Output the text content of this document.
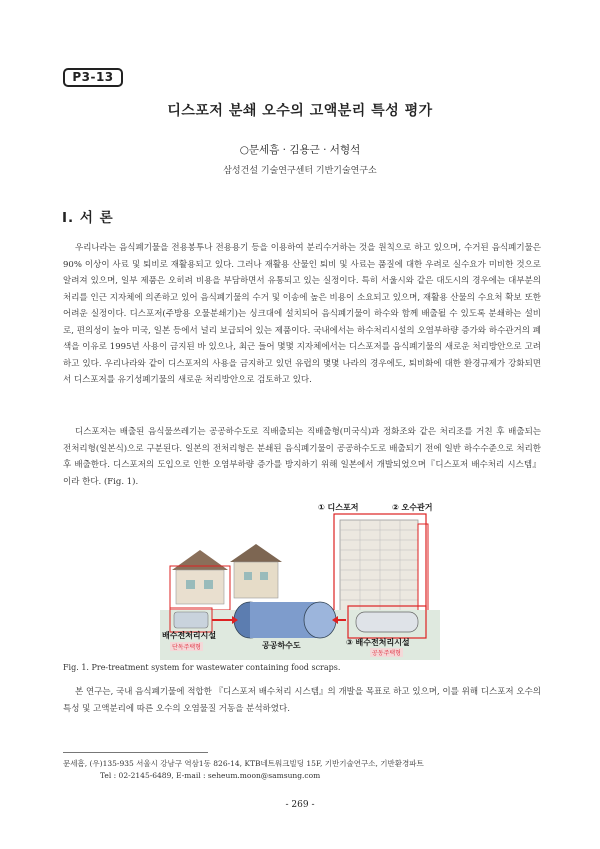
P3-13
디스포저 분쇄 오수의 고액분리 특성 평가
○문세흠 · 김용근 · 서형석
삼성건설 기술연구센터 기반기술연구소
I. 서 론

우리나라는 음식폐기물을 전용봉투나 전용용기 등을 이용하여 분리수거하는 것을 원칙으로 하고 있으며, 수거된 음식폐기물은 90% 이상이 사료 및 퇴비로 재활용되고 있다. 그러나 재활용 산물인 퇴비 및 사료는 품질에 대한 우려로 실수요가 미비한 것으로 알려져 있으며, 일부 제품은 오히려 비용을 부담하면서 유통되고 있는 실정이다. 특히 서울시와 같은 대도시의 경우에는 대부분의 처리를 인근 지자체에 의존하고 있어 음식폐기물의 수거 및 이송에 높은 비용이 소요되고 있으며, 재활용 산물의 수요처 확보 또한 어려운 실정이다. 디스포저(주방용 오물분쇄기)는 싱크대에 설치되어 음식폐기물이 하수와 함께 배출될 수 있도록 분쇄하는 설비로, 편의성이 높아 미국, 일본 등에서 널리 보급되어 있는 제품이다. 국내에서는 하수처리시설의 오염부하량 증가와 하수관거의 폐색을 이유로 1995년 사용이 금지된 바 있으나, 최근 들어 몇몇 지자체에서는 디스포저를 음식폐기물의 새로운 처리방안으로 고려하고 있다. 우리나라와 같이 디스포저의 사용을 금지하고 있던 유럽의 몇몇 나라의 경우에도, 퇴비화에 대한 환경규제가 강화되면서 디스포저를 유기성폐기물의 새로운 처리방안으로 검토하고 있다.

디스포저는 배출된 음식물쓰레기는 공공하수도로 직배출되는 직배출형(미국식)과 정화조와 같은 처리조를 거친 후 배출되는 전처리형(일본식)으로 구분된다. 일본의 전처리형은 분쇄된 음식폐기물이 공공하수도로 배출되기 전에 일반 하수수준으로 처리한 후 배출한다. 디스포저의 도입으로 인한 오염부하량 증가를 방지하기 위해 일본에서 개발되었으며『디스포저 배수처리 시스템』이라 한다. (Fig. 1).

① 디스포저	② 오수관거
배수전처리시설
단독주택형	공공하수도	③ 배수전처리시설
공동주택형
Fig. 1. Pre-treatment system for wastewater containing food scraps.

본 연구는, 국내 음식폐기물에 적합한 『디스포저 배수처리 시스템』의 개발을 목표로 하고 있으며, 이를 위해 디스포저 오수의 특성 및 고액분리에 따른 오수의 오염물질 거동을 분석하였다.

문세흠, (우)135-935 서울시 강남구 역삼1동 826-14, KTB네트워크빌딩 15F, 기반기술연구소, 기반환경파트
Tel : 02-2145-6489, E-mail : seheum.moon@samsung.com
- 269 -
